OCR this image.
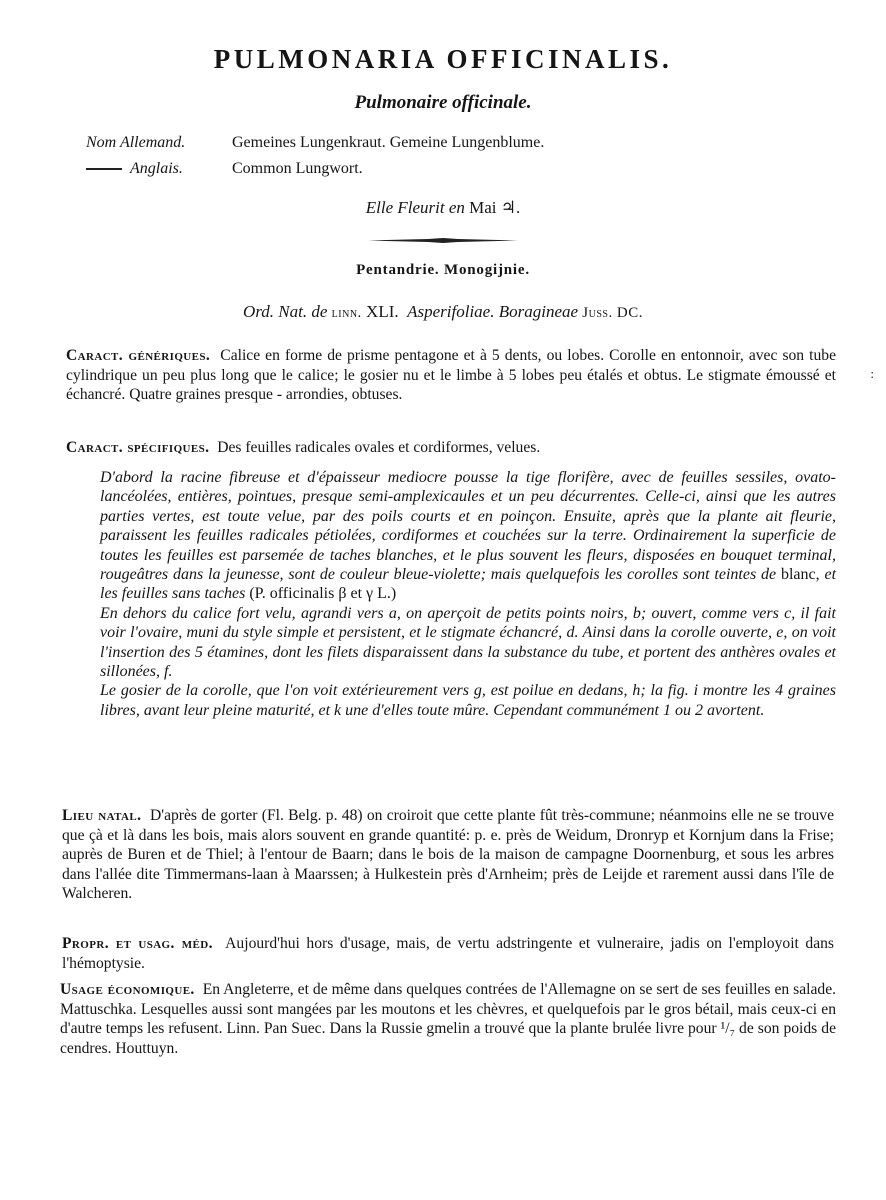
PULMONARIA OFFICINALIS.
Pulmonaire officinale.
Nom Allemand.	Gemeines Lungenkraut. Gemeine Lungenblume.
Anglais.	Common Lungwort.
Elle Fleurit en Mai ♃.
Pentandrie. Monogijnie.
Ord. Nat. de linn. XLI. Asperifoliae. Boragineae Juss. DC.

Caract. génériques. Calice en forme de prisme pentagone et à 5 dents, ou lobes. Corolle en entonnoir, avec son tube cylindrique un peu plus long que le calice; le gosier nu et le limbe à 5 lobes peu étalés et obtus. Le stigmate émoussé et échancré. Quatre graines presque - arrondies, obtuses.

Caract. spécifiques. Des feuilles radicales ovales et cordiformes, velues.

D'abord la racine fibreuse et d'épaisseur mediocre pousse la tige florifère, avec de feuilles sessiles, ovato-lancéolées, entières, pointues, presque semi-amplexicaules et un peu décurrentes. Celle-ci, ainsi que les autres parties vertes, est toute velue, par des poils courts et en poinçon. Ensuite, après que la plante ait fleurie, paraissent les feuilles radicales pétiolées, cordiformes et couchées sur la terre. Ordinairement la superficie de toutes les feuilles est parsemée de taches blanches, et le plus souvent les fleurs, disposées en bouquet terminal, rougeâtres dans la jeunesse, sont de couleur bleue-violette; mais quelquefois les corolles sont teintes de blanc, et les feuilles sans taches (P. officinalis β et γ L.)

En dehors du calice fort velu, agrandi vers a, on aperçoit de petits points noirs, b; ouvert, comme vers c, il fait voir l'ovaire, muni du style simple et persistent, et le stigmate échancré, d. Ainsi dans la corolle ouverte, e, on voit l'insertion des 5 étamines, dont les filets disparaissent dans la substance du tube, et portent des anthères ovales et sillonées, f.

Le gosier de la corolle, que l'on voit extérieurement vers g, est poilue en dedans, h; la fig. i montre les 4 graines libres, avant leur pleine maturité, et k une d'elles toute mûre. Cependant communément 1 ou 2 avortent.

Lieu natal. D'après de gorter (Fl. Belg. p. 48) on croiroit que cette plante fût très-commune; néanmoins elle ne se trouve que çà et là dans les bois, mais alors souvent en grande quantité: p. e. près de Weidum, Dronryp et Kornjum dans la Frise; auprès de Buren et de Thiel; à l'entour de Baarn; dans le bois de la maison de campagne Doornenburg, et sous les arbres dans l'allée dite Timmermans-laan à Maarssen; à Hulkestein près d'Arnheim; près de Leijde et rarement aussi dans l'île de Walcheren.

Propr. et usag. méd. Aujourd'hui hors d'usage, mais, de vertu adstringente et vulneraire, jadis on l'employoit dans l'hémoptysie.

Usage économique. En Angleterre, et de même dans quelques contrées de l'Allemagne on se sert de ses feuilles en salade. Mattuschka. Lesquelles aussi sont mangées par les moutons et les chèvres, et quelquefois par le gros bétail, mais ceux-ci en d'autre temps les refusent. Linn. Pan Suec. Dans la Russie gmelin a trouvé que la plante brulée livre pour ¹/₇ de son poids de cendres. Houttuyn.

:
